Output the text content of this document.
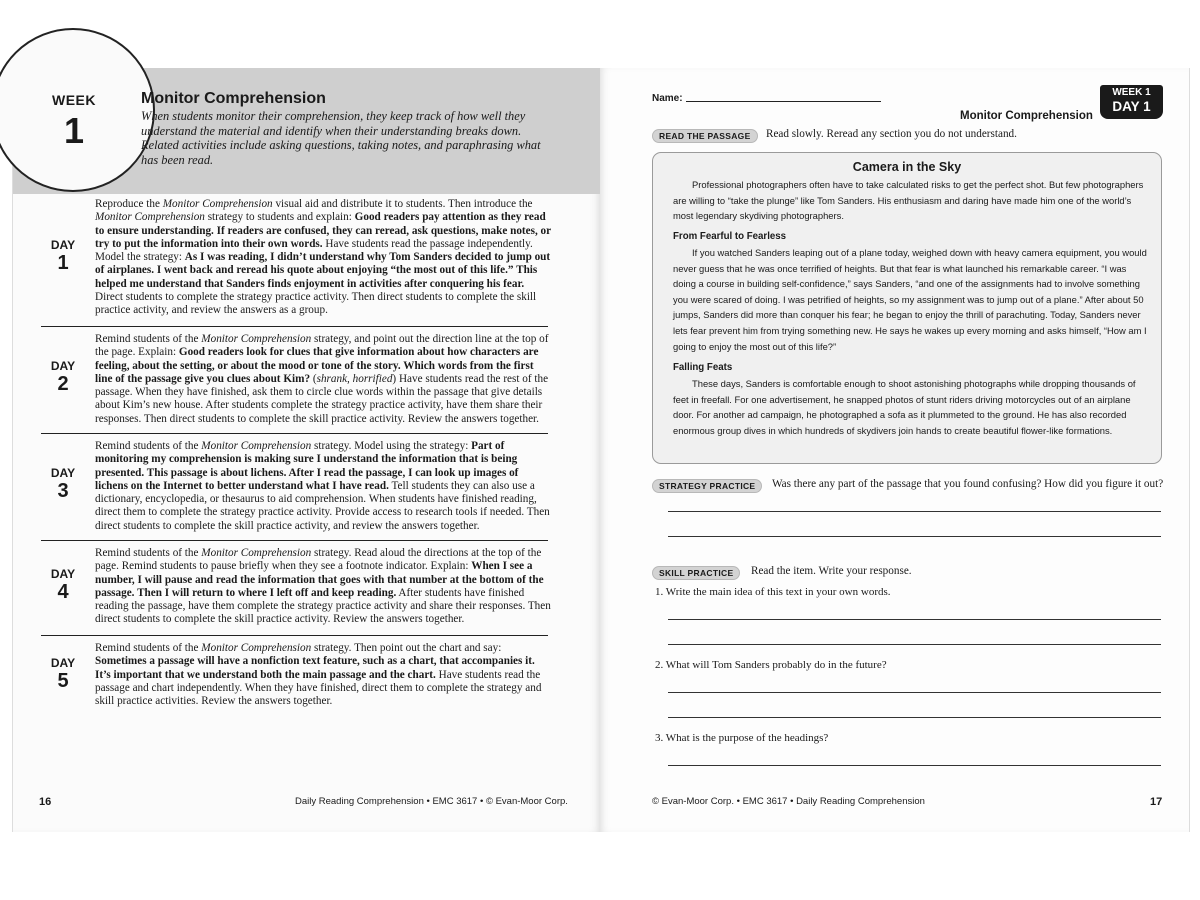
WEEK
1
Monitor Comprehension
When students monitor their comprehension, they keep track of how well they understand the material and identify when their understanding breaks down. Related activities include asking questions, taking notes, and paraphrasing what has been read.
DAY
1
Reproduce the Monitor Comprehension visual aid and distribute it to students. Then introduce the Monitor Comprehension strategy to students and explain: Good readers pay attention as they read to ensure understanding. If readers are confused, they can reread, ask questions, make notes, or try to put the information into their own words. Have students read the passage independently. Model the strategy: As I was reading, I didn’t understand why Tom Sanders decided to jump out of airplanes. I went back and reread his quote about enjoying “the most out of this life.” This helped me understand that Sanders finds enjoyment in activities after conquering his fear. Direct students to complete the strategy practice activity. Then direct students to complete the skill practice activity, and review the answers as a group.
DAY
2
Remind students of the Monitor Comprehension strategy, and point out the direction line at the top of the page. Explain: Good readers look for clues that give information about how characters are feeling, about the setting, or about the mood or tone of the story. Which words from the first line of the passage give you clues about Kim? (shrank, horrified) Have students read the rest of the passage. When they have finished, ask them to circle clue words within the passage that give details about Kim’s new house. After students complete the strategy practice activity, have them share their responses. Then direct students to complete the skill practice activity. Review the answers together.
DAY
3
Remind students of the Monitor Comprehension strategy. Model using the strategy: Part of monitoring my comprehension is making sure I understand the information that is being presented. This passage is about lichens. After I read the passage, I can look up images of lichens on the Internet to better understand what I have read. Tell students they can also use a dictionary, encyclopedia, or thesaurus to aid comprehension. When students have finished reading, direct them to complete the strategy practice activity. Provide access to research tools if needed. Then direct students to complete the skill practice activity, and review the answers together.
DAY
4
Remind students of the Monitor Comprehension strategy. Read aloud the directions at the top of the page. Remind students to pause briefly when they see a footnote indicator. Explain: When I see a number, I will pause and read the information that goes with that number at the bottom of the passage. Then I will return to where I left off and keep reading. After students have finished reading the passage, have them complete the strategy practice activity and share their responses. Then direct students to complete the skill practice activity. Review the answers together.
DAY
5
Remind students of the Monitor Comprehension strategy. Then point out the chart and say: Sometimes a passage will have a nonfiction text feature, such as a chart, that accompanies it. It’s important that we understand both the main passage and the chart. Have students read the passage and chart independently. When they have finished, direct them to complete the strategy and skill practice activities. Review the answers together.
16	Daily Reading Comprehension • EMC 3617 • © Evan-Moor Corp.
Name:
Monitor Comprehension
WEEK 1
DAY 1
READ THE PASSAGE	Read slowly. Reread any section you do not understand.
Camera in the Sky
Professional photographers often have to take calculated risks to get the perfect shot. But few photographers are willing to “take the plunge” like Tom Sanders. His enthusiasm and daring have made him one of the world’s most legendary skydiving photographers.
From Fearful to Fearless
If you watched Sanders leaping out of a plane today, weighed down with heavy camera equipment, you would never guess that he was once terrified of heights. But that fear is what launched his remarkable career. “I was doing a course in building self-confidence,” says Sanders, “and one of the assignments had to involve something you were scared of doing. I was petrified of heights, so my assignment was to jump out of a plane.” After about 50 jumps, Sanders did more than conquer his fear; he began to enjoy the thrill of parachuting. Today, Sanders never lets fear prevent him from trying something new. He says he wakes up every morning and asks himself, “How am I going to enjoy the most out of this life?”
Falling Feats
These days, Sanders is comfortable enough to shoot astonishing photographs while dropping thousands of feet in freefall. For one advertisement, he snapped photos of stunt riders driving motorcycles out of an airplane door. For another ad campaign, he photographed a sofa as it plummeted to the ground. He has also recorded enormous group dives in which hundreds of skydivers join hands to create beautiful flower-like formations.
STRATEGY PRACTICE	Was there any part of the passage that you found confusing? How did you figure it out?
SKILL PRACTICE	Read the item. Write your response.
1. Write the main idea of this text in your own words.
2. What will Tom Sanders probably do in the future?
3. What is the purpose of the headings?
© Evan-Moor Corp. • EMC 3617 • Daily Reading Comprehension	17
